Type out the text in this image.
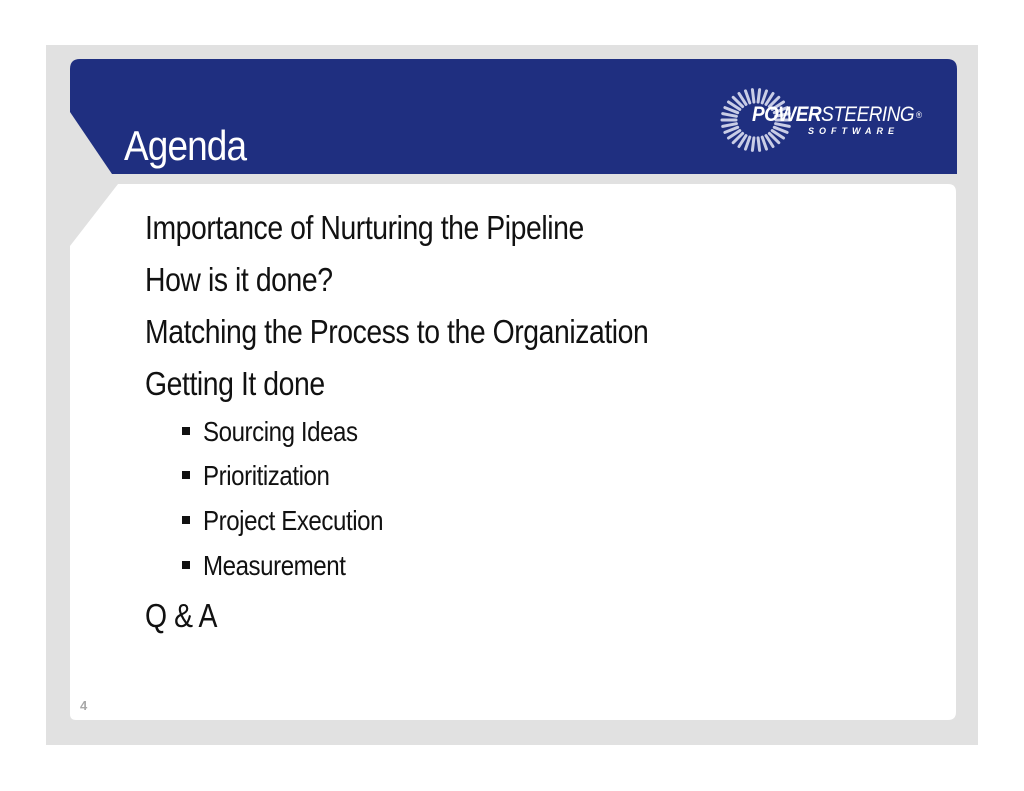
Agenda
POWERSTEERING ®
SOFTWARE
Importance of Nurturing the Pipeline
How is it done?
Matching the Process to the Organization
Getting It done
Sourcing Ideas
Prioritization
Project Execution
Measurement
Q & A
4
